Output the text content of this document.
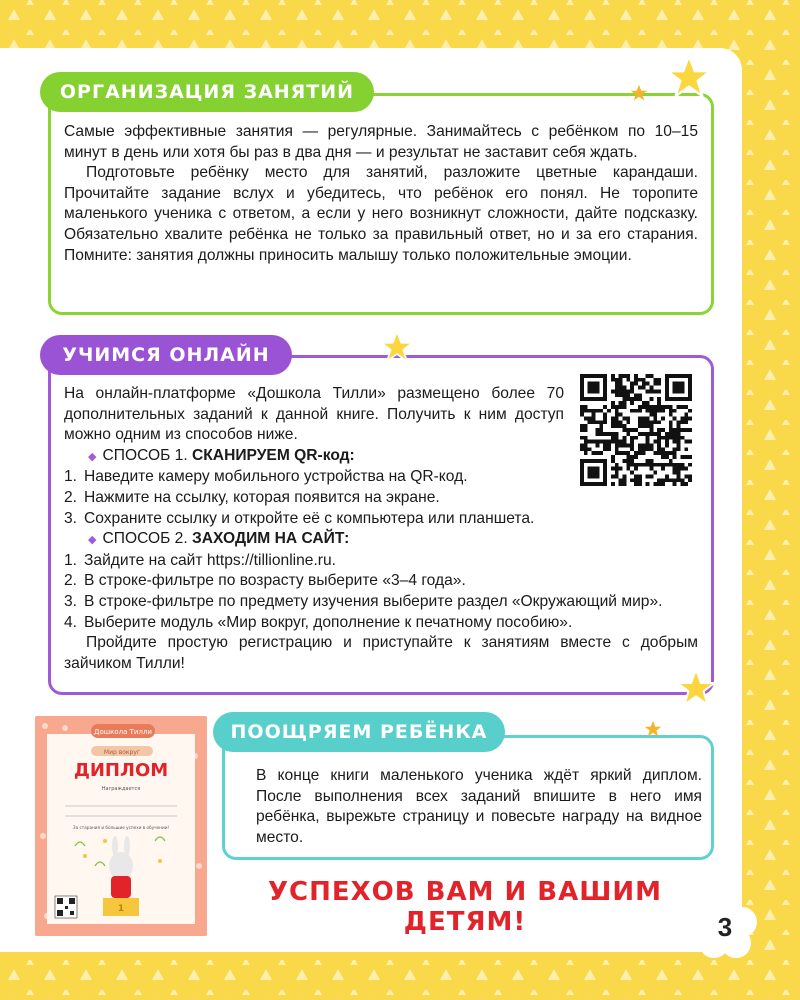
ОРГАНИЗАЦИЯ ЗАНЯТИЙ

Самые эффективные занятия — регулярные. Занимайтесь с ребёнком по 10–15 минут в день или хотя бы раз в два дня — и результат не заставит себя ждать.

Подготовьте ребёнку место для занятий, разложите цветные карандаши. Прочитайте задание вслух и убедитесь, что ребёнок его понял. Не торопите маленького ученика с ответом, а если у него возникнут сложности, дайте подсказку. Обязательно хвалите ребёнка не только за правильный ответ, но и за его старания. Помните: занятия должны приносить малышу только положительные эмоции.

УЧИМСЯ ОНЛАЙН

На онлайн-платформе «Дошкола Тилли» размещено более 70 дополнительных заданий к данной книге. Получить к ним доступ можно одним из способов ниже.

◆ СПОСОБ 1. СКАНИРУЕМ QR-код:

1. Наведите камеру мобильного устройства на QR-код.
2. Нажмите на ссылку, которая появится на экране.
3. Сохраните ссылку и откройте её с компьютера или планшета.

◆ СПОСОБ 2. ЗАХОДИМ НА САЙТ:

1. Зайдите на сайт https://tillionline.ru.
2. В строке-фильтре по возрасту выберите «3–4 года».
3. В строке-фильтре по предмету изучения выберите раздел «Окружающий мир».
4. Выберите модуль «Мир вокруг, дополнение к печатному пособию».

Пройдите простую регистрацию и приступайте к занятиям вместе с добрым зайчиком Тилли!

ПООЩРЯЕМ РЕБЁНКА
В конце книги маленького ученика ждёт яркий диплом. После выполнения всех заданий впишите в него имя ребёнка, вырежьте страницу и повесьте награду на видное место.
Дошкола Тилли
Мир вокруг
ДИПЛОМ
Награждается
За старания и большие успехи в обучении!
1
УСПЕХОВ ВАМ И ВАШИМ ДЕТЯМ!	3
